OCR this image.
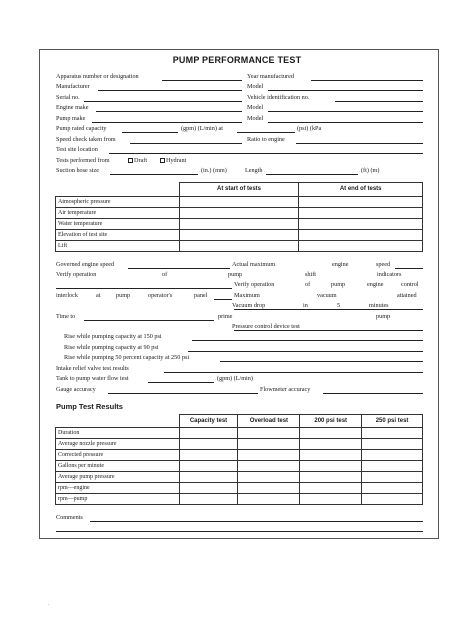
PUMP PERFORMANCE TEST
Apparatus number or designation	Year manufactured
Manufacturer	Model
Serial no.	Vehicle identification no.
Engine make	Model
Pump make	Model
Pump rated capacity	(gpm) (L/min) at	(psi) (kPa
Speed check taken from	Ratio to engine
Test site location
Tests performed from	Draft	Hydrant
Suction hose size	(in.) (mm)	Length	(ft) (m)
	At start of tests	At end of tests
Atmospheric pressure		
Air temperature		
Water temperature		
Elevation of test site		
Lift		
Governed engine speed	Actual maximum	engine	speed
Verify operation	of	pump	shift	indicators
Verify operation	of	pump	engine	control
interlock	at	pump	operator's	panel	Maximum	vacuum	attained
Vacuum drop	in	5	minutes
Time to	prime	pump
Pressure control device test
Rise while pumping capacity at 150 psi
Rise while pumping capacity at 90 psi
Rise while pumping 50 percent capacity at 250 psi
Intake relief valve test results
Tank to pump water flow test	(gpm) (L/min)
Gauge accuracy	Flowmeter accuracy
Pump Test Results
	Capacity test	Overload test	200 psi test	250 psi test
Duration				
Average nozzle pressure				
Corrected pressure				
Gallons per minute				
Average pump pressure				
rpm—engine				
rpm—pump				
Comments
.
